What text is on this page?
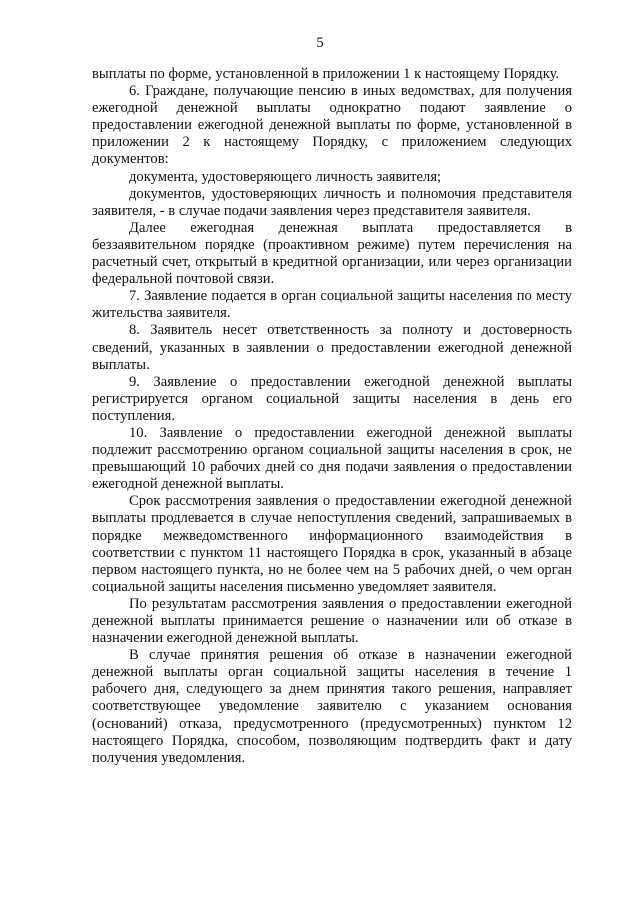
5

выплаты по форме, установленной в приложении 1 к настоящему Порядку.

6. Граждане, получающие пенсию в иных ведомствах, для получения ежегодной денежной выплаты однократно подают заявление о предоставлении ежегодной денежной выплаты по форме, установленной в приложении 2 к настоящему Порядку, с приложением следующих документов:

документа, удостоверяющего личность заявителя;

документов, удостоверяющих личность и полномочия представителя заявителя, - в случае подачи заявления через представителя заявителя.

Далее ежегодная денежная выплата предоставляется в беззаявительном порядке (проактивном режиме) путем перечисления на расчетный счет, открытый в кредитной организации, или через организации федеральной почтовой связи.

7. Заявление подается в орган социальной защиты населения по месту жительства заявителя.

8. Заявитель несет ответственность за полноту и достоверность сведений, указанных в заявлении о предоставлении ежегодной денежной выплаты.

9. Заявление о предоставлении ежегодной денежной выплаты регистрируется органом социальной защиты населения в день его поступления.

10. Заявление о предоставлении ежегодной денежной выплаты подлежит рассмотрению органом социальной защиты населения в срок, не превышающий 10 рабочих дней со дня подачи заявления о предоставлении ежегодной денежной выплаты.

Срок рассмотрения заявления о предоставлении ежегодной денежной выплаты продлевается в случае непоступления сведений, запрашиваемых в порядке межведомственного информационного взаимодействия в соответствии с пунктом 11 настоящего Порядка в срок, указанный в абзаце первом настоящего пункта, но не более чем на 5 рабочих дней, о чем орган социальной защиты населения письменно уведомляет заявителя.

По результатам рассмотрения заявления о предоставлении ежегодной денежной выплаты принимается решение о назначении или об отказе в назначении ежегодной денежной выплаты.

В случае принятия решения об отказе в назначении ежегодной денежной выплаты орган социальной защиты населения в течение 1 рабочего дня, следующего за днем принятия такого решения, направляет соответствующее уведомление заявителю с указанием основания (оснований) отказа, предусмотренного (предусмотренных) пунктом 12 настоящего Порядка, способом, позволяющим подтвердить факт и дату получения уведомления.
